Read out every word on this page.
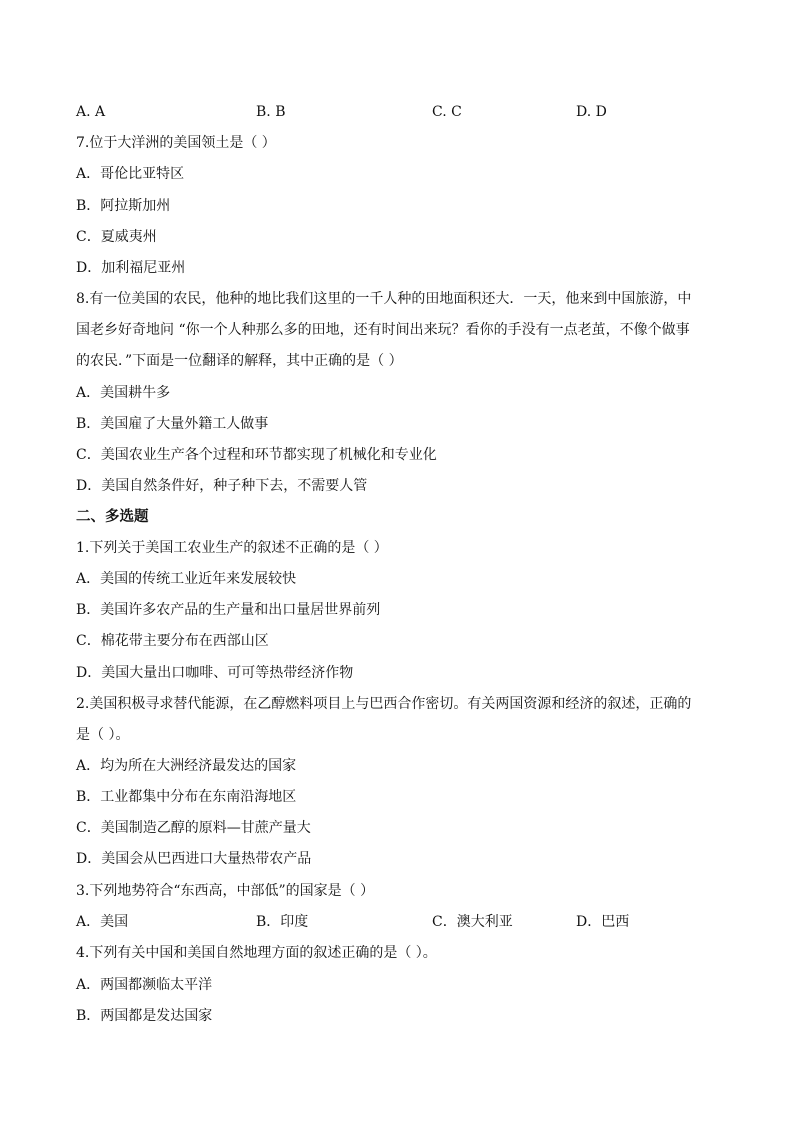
A. A	B. B	C. C	D. D
7.位于大洋洲的美国领土是（ ）
A．哥伦比亚特区
B．阿拉斯加州
C．夏威夷州
D．加利福尼亚州
8.有一位美国的农民，他种的地比我们这里的一千人种的田地面积还大．一天，他来到中国旅游，中
国老乡好奇地问 “你一个人种那么多的田地，还有时间出来玩？看你的手没有一点老茧，不像个做事
的农民．”下面是一位翻译的解释，其中正确的是（ ）
A．美国耕牛多
B．美国雇了大量外籍工人做事
C．美国农业生产各个过程和环节都实现了机械化和专业化
D．美国自然条件好，种子种下去，不需要人管
二、多选题
1.下列关于美国工农业生产的叙述不正确的是（ ）
A．美国的传统工业近年来发展较快
B．美国许多农产品的生产量和出口量居世界前列
C．棉花带主要分布在西部山区
D．美国大量出口咖啡、可可等热带经济作物
2.美国积极寻求替代能源，在乙醇燃料项目上与巴西合作密切。有关两国资源和经济的叙述，正确的
是（ ）。
A．均为所在大洲经济最发达的国家
B．工业都集中分布在东南沿海地区
C．美国制造乙醇的原料—甘蔗产量大
D．美国会从巴西进口大量热带农产品
3.下列地势符合“东西高，中部低”的国家是（ ）
A．美国	B．印度	C．澳大利亚	D．巴西
4.下列有关中国和美国自然地理方面的叙述正确的是（ ）。
A．两国都濒临太平洋
B．两国都是发达国家
